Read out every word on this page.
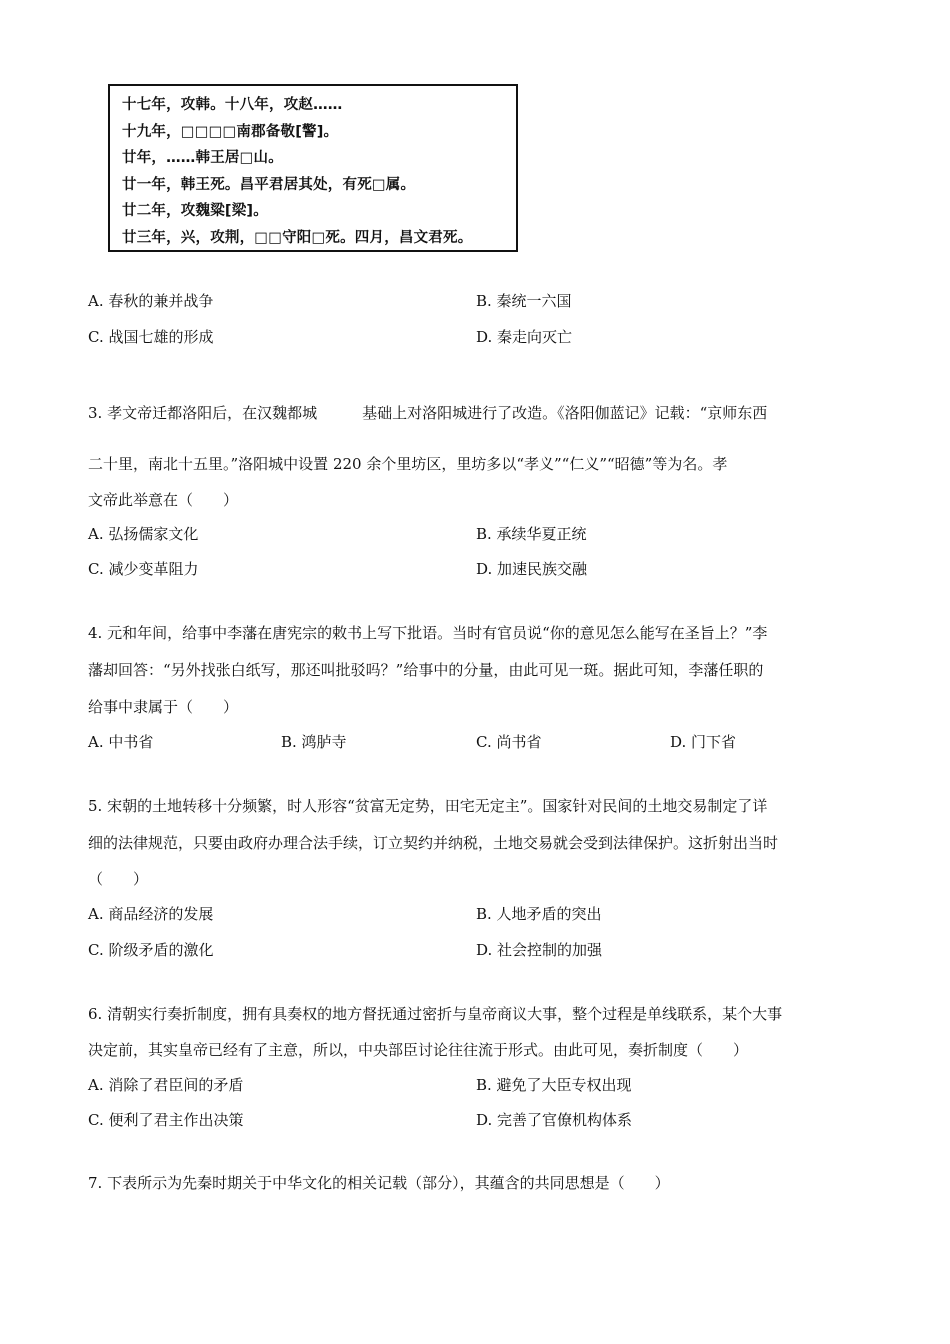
十七年，攻韩。十八年，攻赵……
十九年，□□□□南郡备敬[警]。
廿年，……韩王居□山。
廿一年，韩王死。昌平君居其处，有死□属。
廿二年，攻魏粱[梁]。
廿三年，兴，攻荆，□□守阳□死。四月，昌文君死。
A. 春秋的兼并战争	B. 秦统一六国
C. 战国七雄的形成	D. 秦走向灭亡
3. 孝文帝迁都洛阳后，在汉魏都城　　　基础上对洛阳城进行了改造。《洛阳伽蓝记》记载：“京师东西
二十里，南北十五里。”洛阳城中设置 220 余个里坊区，里坊多以“孝义”“仁义”“昭德”等为名。孝
文帝此举意在（　　）
A. 弘扬儒家文化	B. 承续华夏正统
C. 减少变革阻力	D. 加速民族交融
4. 元和年间，给事中李藩在唐宪宗的敕书上写下批语。当时有官员说“你的意见怎么能写在圣旨上？”李
藩却回答：“另外找张白纸写，那还叫批驳吗？”给事中的分量，由此可见一斑。据此可知，李藩任职的
给事中隶属于（　　）
A. 中书省	B. 鸿胪寺	C. 尚书省	D. 门下省
5. 宋朝的土地转移十分频繁，时人形容“贫富无定势，田宅无定主”。国家针对民间的土地交易制定了详
细的法律规范，只要由政府办理合法手续，订立契约并纳税，土地交易就会受到法律保护。这折射出当时
（　　）
A. 商品经济的发展	B. 人地矛盾的突出
C. 阶级矛盾的激化	D. 社会控制的加强
6. 清朝实行奏折制度，拥有具奏权的地方督抚通过密折与皇帝商议大事，整个过程是单线联系，某个大事
决定前，其实皇帝已经有了主意，所以，中央部臣讨论往往流于形式。由此可见，奏折制度（　　）
A. 消除了君臣间的矛盾	B. 避免了大臣专权出现
C. 便利了君主作出决策	D. 完善了官僚机构体系
7. 下表所示为先秦时期关于中华文化的相关记载（部分），其蕴含的共同思想是（　　）
